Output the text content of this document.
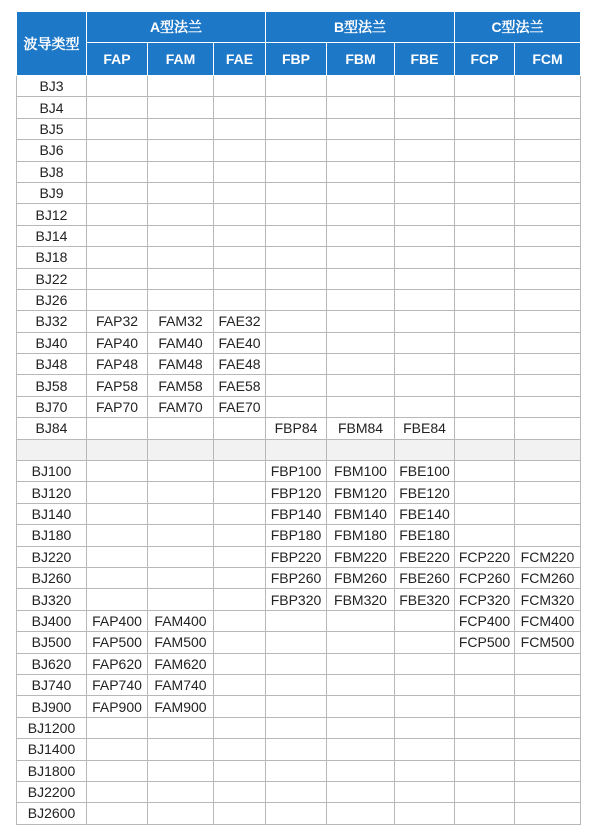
波导类型	A型法兰			B型法兰			C型法兰	
	FAP	FAM	FAE	FBP	FBM	FBE	FCP	FCM
BJ3								
BJ4								
BJ5								
BJ6								
BJ8								
BJ9								
BJ12								
BJ14								
BJ18								
BJ22								
BJ26								
BJ32	FAP32	FAM32	FAE32					
BJ40	FAP40	FAM40	FAE40					
BJ48	FAP48	FAM48	FAE48					
BJ58	FAP58	FAM58	FAE58					
BJ70	FAP70	FAM70	FAE70					
BJ84				FBP84	FBM84	FBE84		

BJ100				FBP100	FBM100	FBE100		
BJ120				FBP120	FBM120	FBE120		
BJ140				FBP140	FBM140	FBE140		
BJ180				FBP180	FBM180	FBE180		
BJ220				FBP220	FBM220	FBE220	FCP220	FCM220
BJ260				FBP260	FBM260	FBE260	FCP260	FCM260
BJ320				FBP320	FBM320	FBE320	FCP320	FCM320
BJ400	FAP400	FAM400					FCP400	FCM400
BJ500	FAP500	FAM500					FCP500	FCM500
BJ620	FAP620	FAM620						
BJ740	FAP740	FAM740						
BJ900	FAP900	FAM900						
BJ1200								
BJ1400								
BJ1800								
BJ2200								
BJ2600								
